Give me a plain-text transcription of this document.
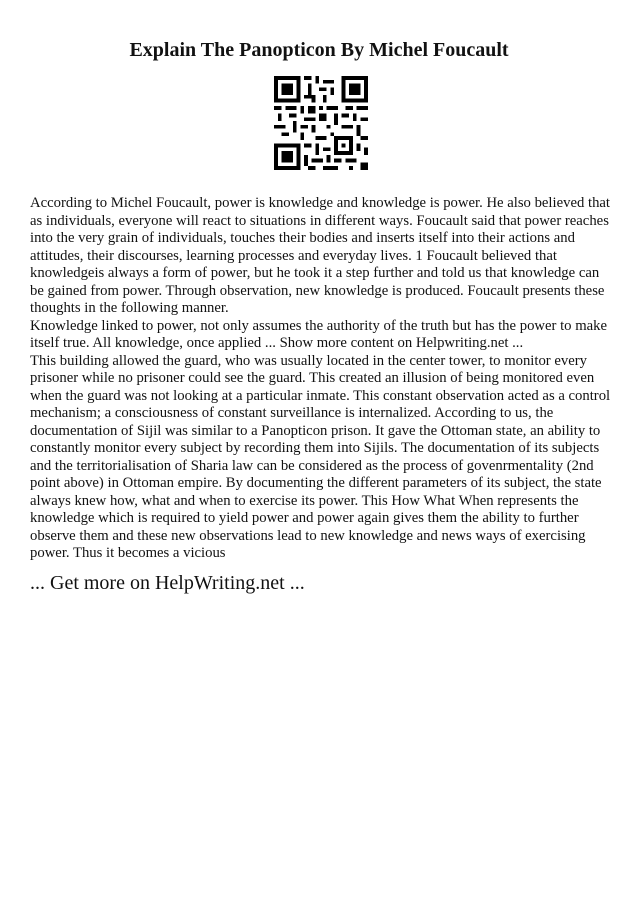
Explain The Panopticon By Michel Foucault

According to Michel Foucault, power is knowledge and knowledge is power. He also believed that as individuals, everyone will react to situations in different ways. Foucault said that power reaches into the very grain of individuals, touches their bodies and inserts itself into their actions and attitudes, their discourses, learning processes and everyday lives. 1 Foucault believed that knowledgeis always a form of power, but he took it a step further and told us that knowledge can be gained from power. Through observation, new knowledge is produced. Foucault presents these thoughts in the following manner.

Knowledge linked to power, not only assumes the authority of the truth but has the power to make itself true. All knowledge, once applied ... Show more content on Helpwriting.net ...

This building allowed the guard, who was usually located in the center tower, to monitor every prisoner while no prisoner could see the guard. This created an illusion of being monitored even when the guard was not looking at a particular inmate. This constant observation acted as a control mechanism; a consciousness of constant surveillance is internalized. According to us, the documentation of Sijil was similar to a Panopticon prison. It gave the Ottoman state, an ability to constantly monitor every subject by recording them into Sijils. The documentation of its subjects and the territorialisation of Sharia law can be considered as the process of govenrmentality (2nd point above) in Ottoman empire. By documenting the different parameters of its subject, the state always knew how, what and when to exercise its power. This How What When represents the knowledge which is required to yield power and power again gives them the ability to further observe them and these new observations lead to new knowledge and news ways of exercising power. Thus it becomes a vicious

... Get more on HelpWriting.net ...
